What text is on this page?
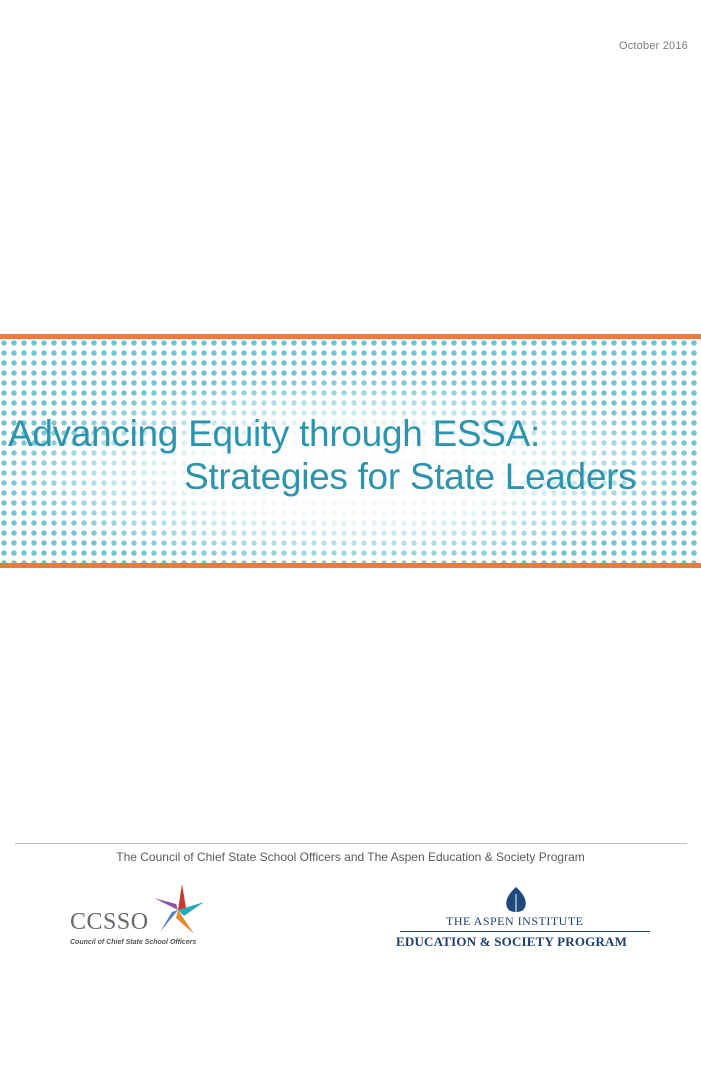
October 2016
Advancing Equity through ESSA:
Strategies for State Leaders
The Council of Chief State School Officers and The Aspen Education & Society Program
CCSSO
Council of Chief State School Officers
THE ASPEN INSTITUTE
EDUCATION & SOCIETY PROGRAM
